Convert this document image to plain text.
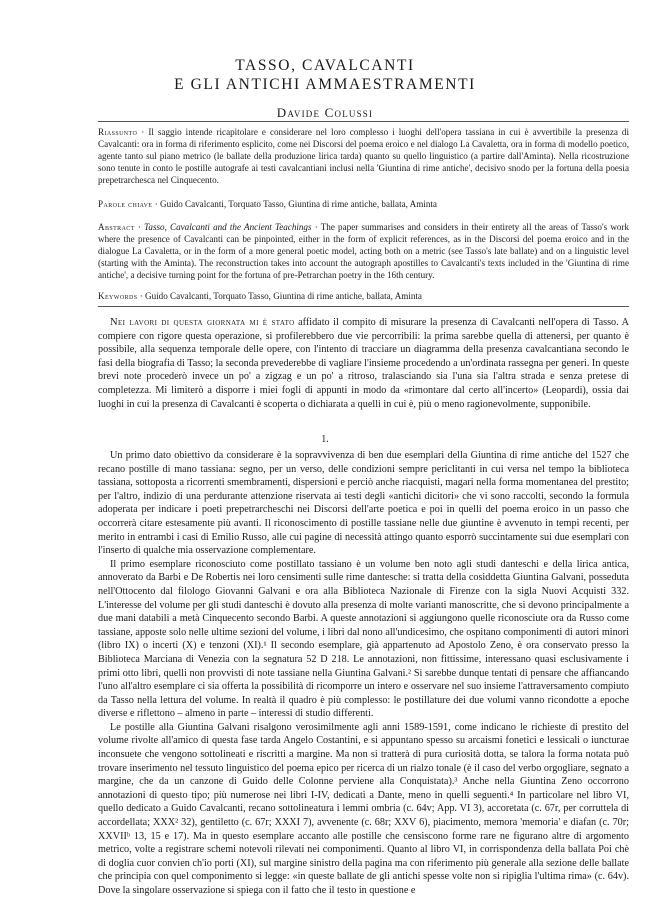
TASSO, CAVALCANTI
E GLI ANTICHI AMMAESTRAMENTI
Davide Colussi
Riassunto · Il saggio intende ricapitolare e considerare nel loro complesso i luoghi dell'opera tassiana in cui è avvertibile la presenza di Cavalcanti: ora in forma di riferimento esplicito, come nei Discorsi del poema eroico e nel dialogo La Cavaletta, ora in forma di modello poetico, agente tanto sul piano metrico (le ballate della produzione lirica tarda) quanto su quello linguistico (a partire dall'Aminta). Nella ricostruzione sono tenute in conto le postille autografe ai testi cavalcantiani inclusi nella 'Giuntina di rime antiche', decisivo snodo per la fortuna della poesia prepetrarchesca nel Cinquecento.
Parole chiave · Guido Cavalcanti, Torquato Tasso, Giuntina di rime antiche, ballata, Aminta
Abstract · Tasso, Cavalcanti and the Ancient Teachings · The paper summarises and considers in their entirety all the areas of Tasso's work where the presence of Cavalcanti can be pinpointed, either in the form of explicit references, as in the Discorsi del poema eroico and in the dialogue La Cavaletta, or in the form of a more general poetic model, acting both on a metric (see Tasso's late ballate) and on a linguistic level (starting with the Aminta). The reconstruction takes into account the autograph apostilles to Cavalcanti's texts included in the 'Giuntina di rime antiche', a decisive turning point for the fortuna of pre-Petrarchan poetry in the 16th century.
Keywords · Guido Cavalcanti, Torquato Tasso, Giuntina di rime antiche, ballata, Aminta

Nei lavori di questa giornata mi è stato affidato il compito di misurare la presenza di Cavalcanti nell'opera di Tasso. A compiere con rigore questa operazione, si profilerebbero due vie percorribili: la prima sarebbe quella di attenersi, per quanto è possibile, alla sequenza temporale delle opere, con l'intento di tracciare un diagramma della presenza cavalcantiana secondo le fasi della biografia di Tasso; la seconda prevederebbe di vagliare l'insieme procedendo a un'ordinata rassegna per generi. In queste brevi note procederò invece un po' a zigzag e un po' a ritroso, tralasciando sia l'una sia l'altra strada e senza pretese di completezza. Mi limiterò a disporre i miei fogli di appunti in modo da «rimontare dal certo all'incerto» (Leopardi), ossia dai luoghi in cui la presenza di Cavalcanti è scoperta o dichiarata a quelli in cui è, più o meno ragionevolmente, supponibile.

1.

Un primo dato obiettivo da considerare è la sopravvivenza di ben due esemplari della Giuntina di rime antiche del 1527 che recano postille di mano tassiana: segno, per un verso, delle condizioni sempre periclitanti in cui versa nel tempo la biblioteca tassiana, sottoposta a ricorrenti smembramenti, dispersioni e perciò anche riacquisti, magari nella forma momentanea del prestito; per l'altro, indizio di una perdurante attenzione riservata ai testi degli «antichi dicitori» che vi sono raccolti, secondo la formula adoperata per indicare i poeti prepetrarcheschi nei Discorsi dell'arte poetica e poi in quelli del poema eroico in un passo che occorrerà citare estesamente più avanti. Il riconoscimento di postille tassiane nelle due giuntine è avvenuto in tempi recenti, per merito in entrambi i casi di Emilio Russo, alle cui pagine di necessità attingo quanto esporrò succintamente sui due esemplari con l'inserto di qualche mia osservazione complementare.

Il primo esemplare riconosciuto come postillato tassiano è un volume ben noto agli studi danteschi e della lirica antica, annoverato da Barbi e De Robertis nei loro censimenti sulle rime dantesche: si tratta della cosiddetta Giuntina Galvani, posseduta nell'Ottocento dal filologo Giovanni Galvani e ora alla Biblioteca Nazionale di Firenze con la sigla Nuovi Acquisti 332. L'interesse del volume per gli studi danteschi è dovuto alla presenza di molte varianti manoscritte, che si devono principalmente a due mani databili a metà Cinquecento secondo Barbi. A queste annotazioni si aggiungono quelle riconosciute ora da Russo come tassiane, apposte solo nelle ultime sezioni del volume, i libri dal nono all'undicesimo, che ospitano componimenti di autori minori (libro IX) o incerti (X) e tenzoni (XI).¹ Il secondo esemplare, già appartenuto ad Apostolo Zeno, è ora conservato presso la Biblioteca Marciana di Venezia con la segnatura 52 D 218. Le annotazioni, non fittissime, interessano quasi esclusivamente i primi otto libri, quelli non provvisti di note tassiane nella Giuntina Galvani.² Si sarebbe dunque tentati di pensare che affiancando l'uno all'altro esemplare ci sia offerta la possibilità di ricomporre un intero e osservare nel suo insieme l'attraversamento compiuto da Tasso nella lettura del volume. In realtà il quadro è più complesso: le postillature dei due volumi vanno ricondotte a epoche diverse e riflettono – almeno in parte – interessi di studio differenti.

Le postille alla Giuntina Galvani risalgono verosimilmente agli anni 1589-1591, come indicano le richieste di prestito del volume rivolte all'amico di questa fase tarda Angelo Costantini, e si appuntano spesso su arcaismi fonetici e lessicali o iuncturae inconsuete che vengono sottolineati e riscritti a margine. Ma non si tratterà di pura curiosità dotta, se talora la forma notata può trovare inserimento nel tessuto linguistico del poema epico per ricerca di un rialzo tonale (è il caso del verbo orgogliare, segnato a margine, che da un canzone di Guido delle Colonne perviene alla Conquistata).³ Anche nella Giuntina Zeno occorrono annotazioni di questo tipo; più numerose nei libri I-IV, dedicati a Dante, meno in quelli seguenti.⁴ In particolare nel libro VI, quello dedicato a Guido Cavalcanti, recano sottolineatura i lemmi ombria (c. 64v; App. VI 3), accoretata (c. 67r, per corruttela di accordellata; XXX² 32), gentiletto (c. 67r; XXXI 7), avvenente (c. 68r; XXV 6), piacimento, memora 'memoria' e diafan (c. 70r; XXVIIᵇ 13, 15 e 17). Ma in questo esemplare accanto alle postille che censiscono forme rare ne figurano altre di argomento metrico, volte a registrare schemi notevoli rilevati nei componimenti. Quanto al libro VI, in corrispondenza della ballata Poi chè di doglia cuor convien ch'io porti (XI), sul margine sinistro della pagina ma con riferimento più generale alla sezione delle ballate che principia con quel componimento si legge: «in queste ballate de gli antichi spesse volte non si ripiglia l'ultima rima» (c. 64v). Dove la singolare osservazione si spiega con il fatto che il testo in questione e
